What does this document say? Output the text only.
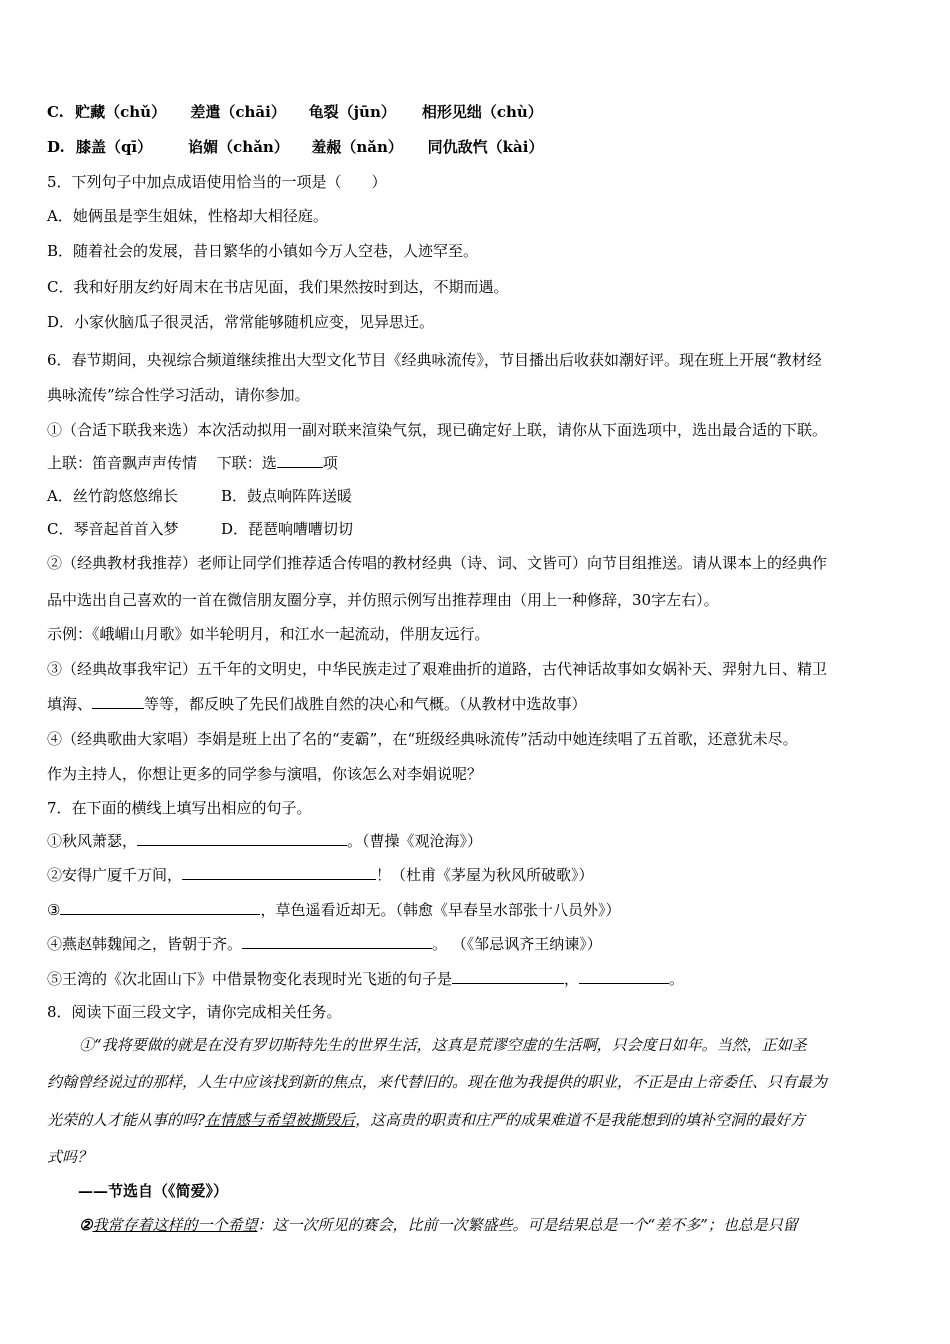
C. 贮藏（chǔ） 差遣（chāi） 龟裂（jūn） 相形见绌（chù）
D. 膝盖（qī） 谄媚（chǎn） 羞赧（nǎn） 同仇敌忾（kài）
5．下列句子中加点成语使用恰当的一项是（　　）
A．她俩虽是孪生姐妹，性格却大相径庭。
B．随着社会的发展，昔日繁华的小镇如今万人空巷，人迹罕至。
C．我和好朋友约好周末在书店见面，我们果然按时到达，不期而遇。
D．小家伙脑瓜子很灵活，常常能够随机应变，见异思迁。
6．春节期间，央视综合频道继续推出大型文化节目《经典咏流传》，节目播出后收获如潮好评。现在班上开展“教材经
典咏流传”综合性学习活动，请你参加。
①（合适下联我来选）本次活动拟用一副对联来渲染气氛，现已确定好上联，请你从下面选项中，选出最合适的下联。
上联：笛音飘声声传情　 下联：选	项
A．丝竹韵悠悠绵长	B．鼓点响阵阵送暖
C．琴音起首首入梦	D．琵琶响嘈嘈切切
②（经典教材我推荐）老师让同学们推荐适合传唱的教材经典（诗、词、文皆可）向节目组推送。请从课本上的经典作
品中选出自己喜欢的一首在微信朋友圈分享，并仿照示例写出推荐理由（用上一种修辞，30字左右）。
示例：《峨嵋山月歌》如半轮明月，和江水一起流动，伴朋友远行。
③（经典故事我牢记）五千年的文明史，中华民族走过了艰难曲折的道路，古代神话故事如女娲补天、羿射九日、精卫
填海、	等等，都反映了先民们战胜自然的决心和气概。（从教材中选故事）
④（经典歌曲大家唱）李娟是班上出了名的“麦霸”，在“班级经典咏流传”活动中她连续唱了五首歌，还意犹未尽。
作为主持人，你想让更多的同学参与演唱，你该怎么对李娟说呢？
7．在下面的横线上填写出相应的句子。
①秋风萧瑟，	。（曹操《观沧海》）
②安得广厦千万间，	！（杜甫《茅屋为秋风所破歌》）
③	，草色遥看近却无。（韩愈《早春呈水部张十八员外》）
④燕赵韩魏闻之，皆朝于齐。	。 （《邹忌讽齐王纳谏》）
⑤王湾的《次北固山下》中借景物变化表现时光飞逝的句子是	，	。
8．阅读下面三段文字，请你完成相关任务。
①“我将要做的就是在没有罗切斯特先生的世界生活，这真是荒谬空虚的生活啊，只会度日如年。当然，正如圣
约翰曾经说过的那样，人生中应该找到新的焦点，来代替旧的。现在他为我提供的职业，不正是由上帝委任、只有最为
光荣的人才能从事的吗?在情感与希望被撕毁后，这高贵的职责和庄严的成果难道不是我能想到的填补空洞的最好方
式吗？
——节选自（《简爱》）
②我常存着这样的一个希望：这一次所见的赛会，比前一次繁盛些。可是结果总是一个“差不多”；也总是只留
